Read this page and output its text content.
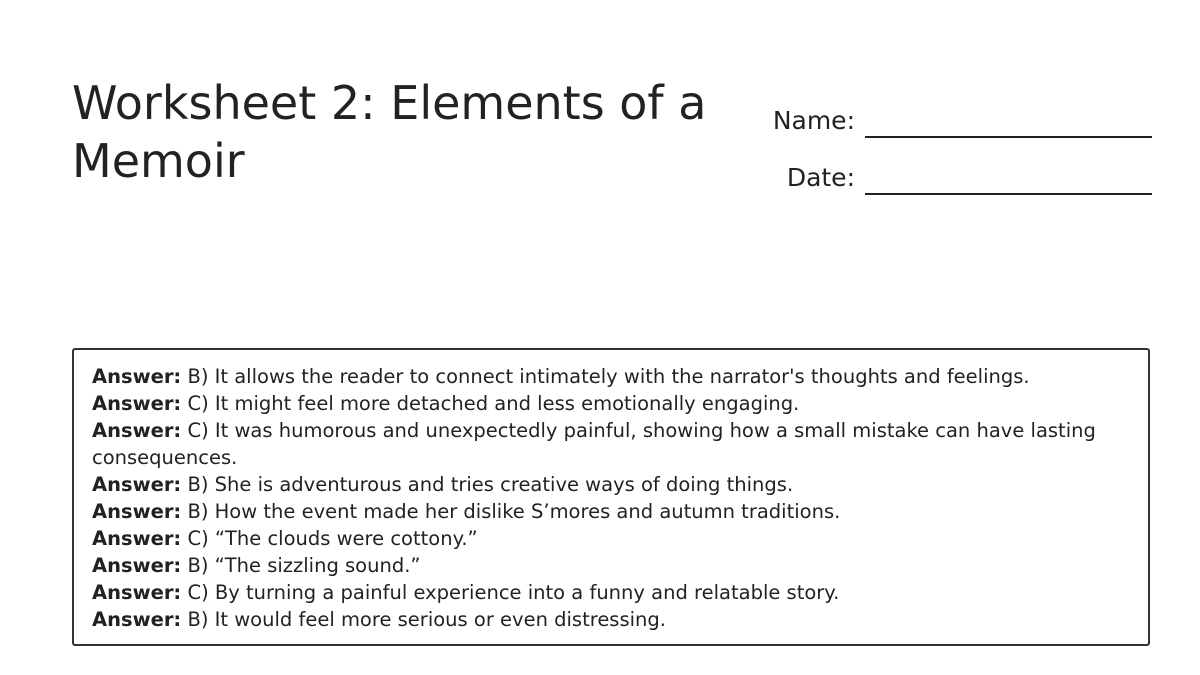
Worksheet 2: Elements of a Memoir
Name:
Date:
Answer: B) It allows the reader to connect intimately with the narrator's thoughts and feelings.
Answer: C) It might feel more detached and less emotionally engaging.
Answer: C) It was humorous and unexpectedly painful, showing how a small mistake can have lasting consequences.
Answer: B) She is adventurous and tries creative ways of doing things.
Answer: B) How the event made her dislike S’mores and autumn traditions.
Answer: C) “The clouds were cottony.”
Answer: B) “The sizzling sound.”
Answer: C) By turning a painful experience into a funny and relatable story.
Answer: B) It would feel more serious or even distressing.
